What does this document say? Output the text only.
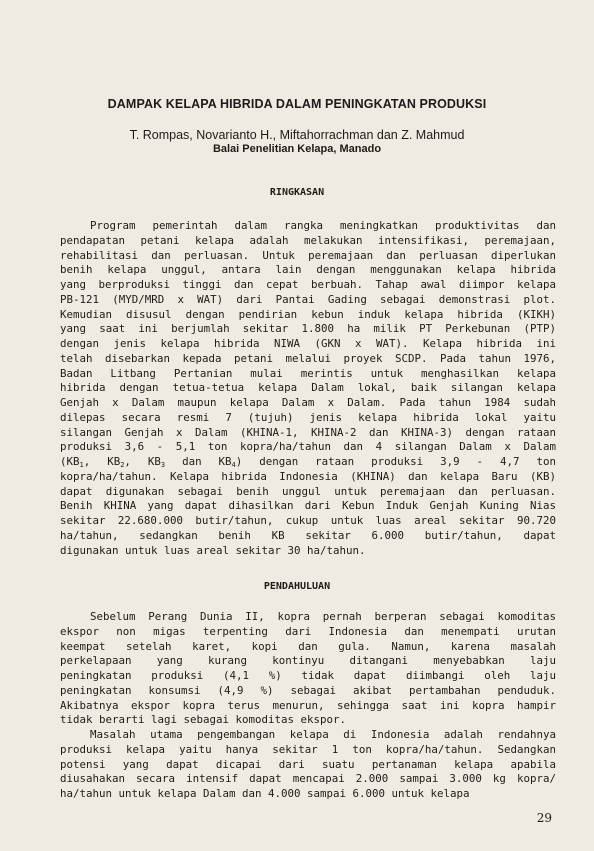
DAMPAK KELAPA HIBRIDA DALAM PENINGKATAN PRODUKSI
T. Rompas, Novarianto H., Miftahorrachman dan Z. Mahmud
Balai Penelitian Kelapa, Manado
RINGKASAN
Program pemerintah dalam rangka meningkatkan produktivitas dan
pendapatan petani kelapa adalah melakukan intensifikasi, peremajaan,
rehabilitasi dan perluasan. Untuk peremajaan dan perluasan diperlukan
benih kelapa unggul, antara lain dengan menggunakan kelapa hibrida
yang berproduksi tinggi dan cepat berbuah. Tahap awal diimpor kelapa
PB-121 (MYD/MRD x WAT) dari Pantai Gading sebagai demonstrasi plot.
Kemudian disusul dengan pendirian kebun induk kelapa hibrida (KIKH)
yang saat ini berjumlah sekitar 1.800 ha milik PT Perkebunan (PTP)
dengan jenis kelapa hibrida NIWA (GKN x WAT). Kelapa hibrida ini
telah disebarkan kepada petani melalui proyek SCDP. Pada tahun 1976,
Badan Litbang Pertanian mulai merintis untuk menghasilkan kelapa
hibrida dengan tetua-tetua kelapa Dalam lokal, baik silangan kelapa
Genjah x Dalam maupun kelapa Dalam x Dalam. Pada tahun 1984 sudah
dilepas secara resmi 7 (tujuh) jenis kelapa hibrida lokal yaitu
silangan Genjah x Dalam (KHINA-1, KHINA-2 dan KHINA-3) dengan rataan
produksi 3,6 - 5,1 ton kopra/ha/tahun dan 4 silangan Dalam x Dalam
($KB_1$, $KB_2$, $KB_3$ dan $KB_4$) dengan rataan produksi 3,9 - 4,7 ton
kopra/ha/tahun. Kelapa hibrida Indonesia (KHINA) dan kelapa Baru (KB)
dapat digunakan sebagai benih unggul untuk peremajaan dan perluasan.
Benih KHINA yang dapat dihasilkan dari Kebun Induk Genjah Kuning Nias
sekitar 22.680.000 butir/tahun, cukup untuk luas areal sekitar 90.720
ha/tahun, sedangkan benih KB sekitar 6.000 butir/tahun, dapat
digunakan untuk luas areal sekitar 30 ha/tahun.
PENDAHULUAN
Sebelum Perang Dunia II, kopra pernah berperan sebagai komoditas
ekspor non migas terpenting dari Indonesia dan menempati urutan
keempat setelah karet, kopi dan gula. Namun, karena masalah
perkelapaan yang kurang kontinyu ditangani menyebabkan laju
peningkatan produksi (4,1 %) tidak dapat diimbangi oleh laju
peningkatan konsumsi (4,9 %) sebagai akibat pertambahan penduduk.
Akibatnya ekspor kopra terus menurun, sehingga saat ini kopra hampir
tidak berarti lagi sebagai komoditas ekspor.
Masalah utama pengembangan kelapa di Indonesia adalah rendahnya
produksi kelapa yaitu hanya sekitar 1 ton kopra/ha/tahun. Sedangkan
potensi yang dapat dicapai dari suatu pertanaman kelapa apabila
diusahakan secara intensif dapat mencapai 2.000 sampai 3.000 kg kopra/
ha/tahun untuk kelapa Dalam dan 4.000 sampai 6.000 untuk kelapa
29
